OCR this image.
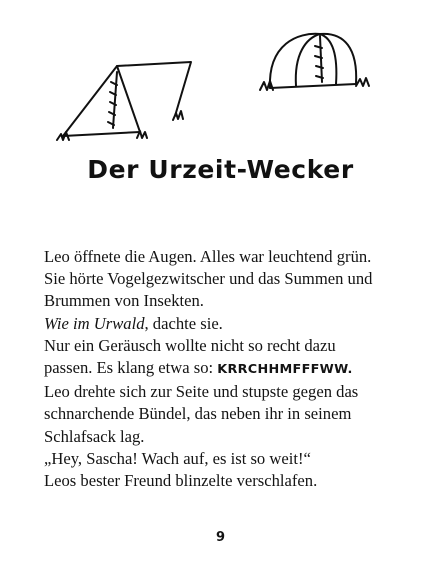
Der Urzeit-Wecker
Leo öffnete die Augen. Alles war leuchtend grün.
Sie hörte Vogelgezwitscher und das Summen und
Brummen von Insekten.
Wie im Urwald, dachte sie.
Nur ein Geräusch wollte nicht so recht dazu
passen. Es klang etwa so: KRRCHHMFFFWW.
Leo drehte sich zur Seite und stupste gegen das
schnarchende Bündel, das neben ihr in seinem
Schlafsack lag.
„Hey, Sascha! Wach auf, es ist so weit!“
Leos bester Freund blinzelte verschlafen.
9
